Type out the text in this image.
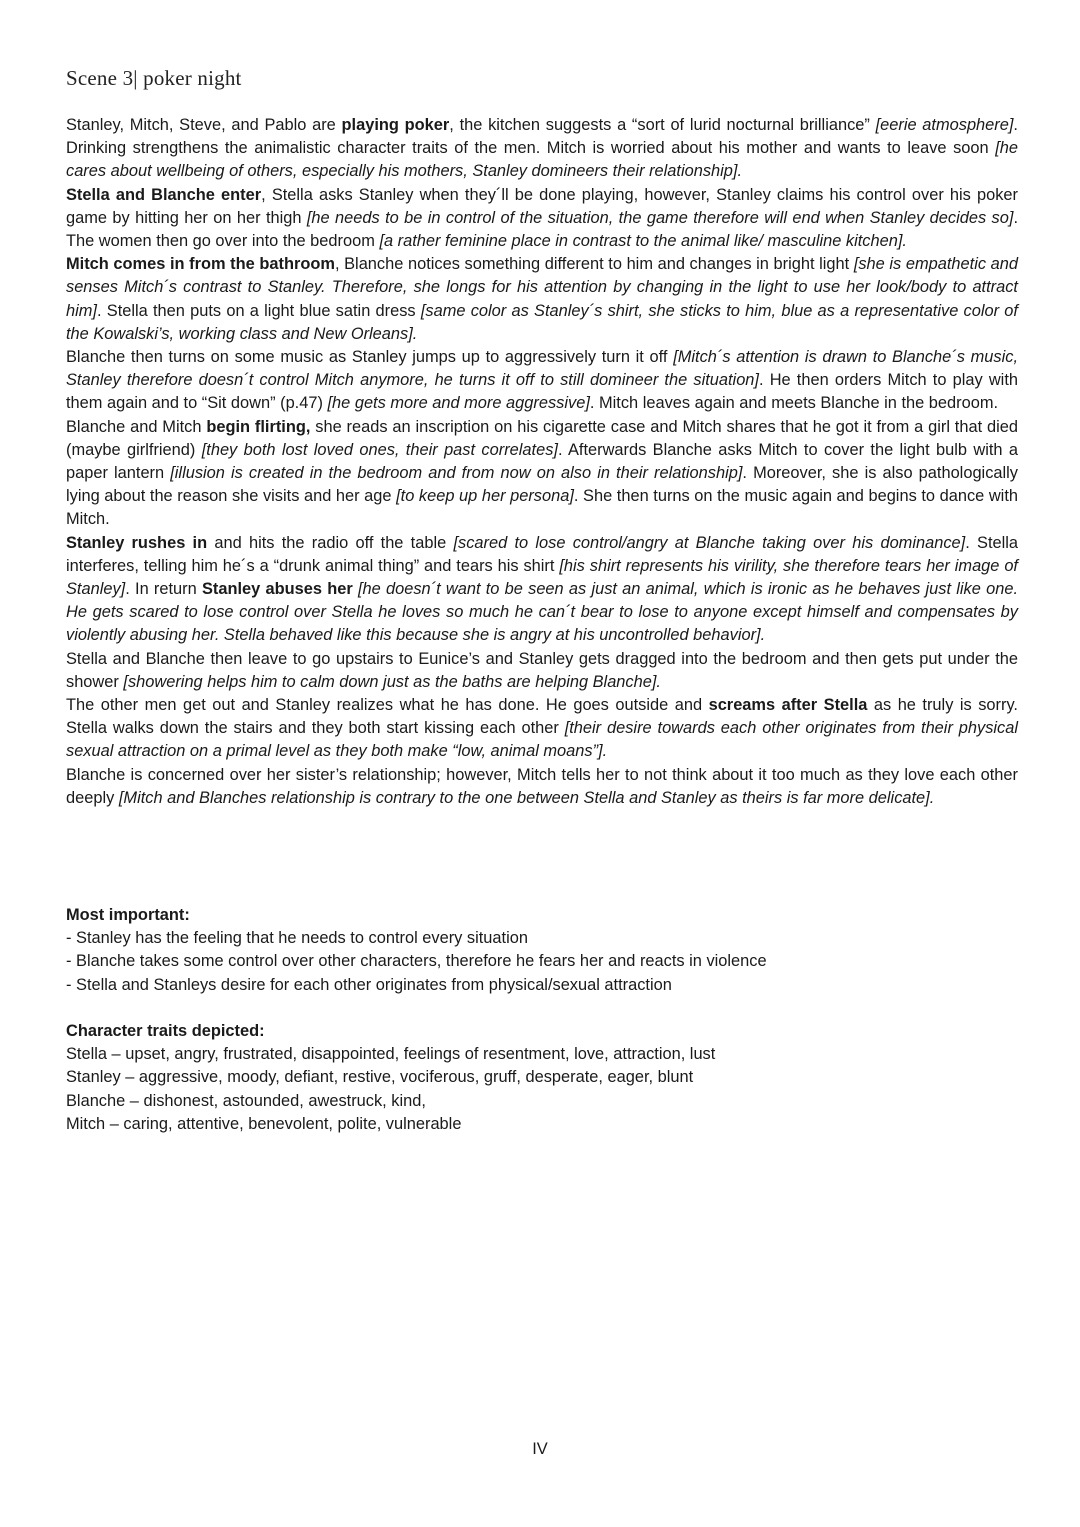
Scene 3| poker night

Stanley, Mitch, Steve, and Pablo are playing poker, the kitchen suggests a “sort of lurid nocturnal brilliance” [eerie atmosphere]. Drinking strengthens the animalistic character traits of the men. Mitch is worried about his mother and wants to leave soon [he cares about wellbeing of others, especially his mothers, Stanley domineers their relationship].

Stella and Blanche enter, Stella asks Stanley when they´ll be done playing, however, Stanley claims his control over his poker game by hitting her on her thigh [he needs to be in control of the situation, the game therefore will end when Stanley decides so]. The women then go over into the bedroom [a rather feminine place in contrast to the animal like/ masculine kitchen].

Mitch comes in from the bathroom, Blanche notices something different to him and changes in bright light [she is empathetic and senses Mitch´s contrast to Stanley. Therefore, she longs for his attention by changing in the light to use her look/body to attract him]. Stella then puts on a light blue satin dress [same color as Stanley´s shirt, she sticks to him, blue as a representative color of the Kowalski’s, working class and New Orleans].

Blanche then turns on some music as Stanley jumps up to aggressively turn it off [Mitch´s attention is drawn to Blanche´s music, Stanley therefore doesn´t control Mitch anymore, he turns it off to still domineer the situation]. He then orders Mitch to play with them again and to “Sit down” (p.47) [he gets more and more aggressive]. Mitch leaves again and meets Blanche in the bedroom.

Blanche and Mitch begin flirting, she reads an inscription on his cigarette case and Mitch shares that he got it from a girl that died (maybe girlfriend) [they both lost loved ones, their past correlates]. Afterwards Blanche asks Mitch to cover the light bulb with a paper lantern [illusion is created in the bedroom and from now on also in their relationship]. Moreover, she is also pathologically lying about the reason she visits and her age [to keep up her persona]. She then turns on the music again and begins to dance with Mitch.

Stanley rushes in and hits the radio off the table [scared to lose control/angry at Blanche taking over his dominance]. Stella interferes, telling him he´s a “drunk animal thing” and tears his shirt [his shirt represents his virility, she therefore tears her image of Stanley]. In return Stanley abuses her [he doesn´t want to be seen as just an animal, which is ironic as he behaves just like one. He gets scared to lose control over Stella he loves so much he can´t bear to lose to anyone except himself and compensates by violently abusing her. Stella behaved like this because she is angry at his uncontrolled behavior].

Stella and Blanche then leave to go upstairs to Eunice’s and Stanley gets dragged into the bedroom and then gets put under the shower [showering helps him to calm down just as the baths are helping Blanche].

The other men get out and Stanley realizes what he has done. He goes outside and screams after Stella as he truly is sorry. Stella walks down the stairs and they both start kissing each other [their desire towards each other originates from their physical sexual attraction on a primal level as they both make “low, animal moans”].

Blanche is concerned over her sister’s relationship; however, Mitch tells her to not think about it too much as they love each other deeply [Mitch and Blanches relationship is contrary to the one between Stella and Stanley as theirs is far more delicate].

Most important:

- Stanley has the feeling that he needs to control every situation

- Blanche takes some control over other characters, therefore he fears her and reacts in violence

- Stella and Stanleys desire for each other originates from physical/sexual attraction

Character traits depicted:

Stella – upset, angry, frustrated, disappointed, feelings of resentment, love, attraction, lust

Stanley – aggressive, moody, defiant, restive, vociferous, gruff, desperate, eager, blunt

Blanche – dishonest, astounded, awestruck, kind,

Mitch – caring, attentive, benevolent, polite, vulnerable

IV
